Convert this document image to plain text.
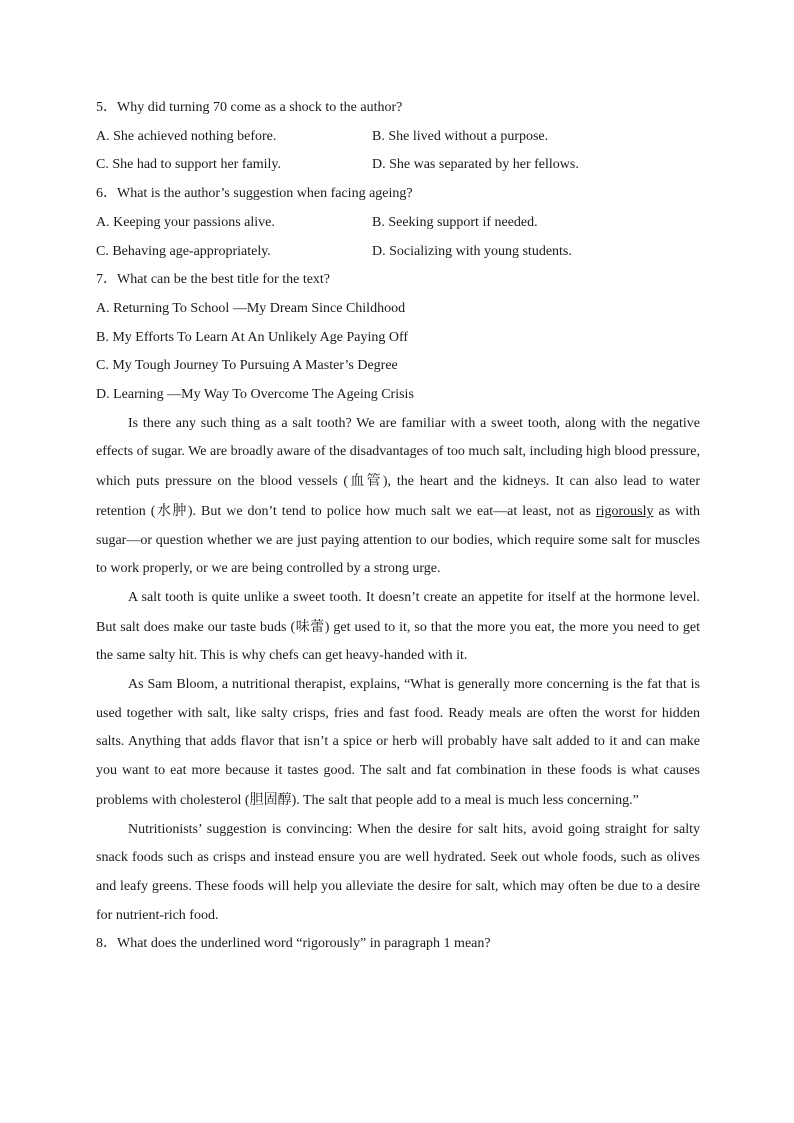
5．Why did turning 70 come as a shock to the author?
A. She achieved nothing before.	B. She lived without a purpose.
C. She had to support her family.	D. She was separated by her fellows.
6．What is the author’s suggestion when facing ageing?
A. Keeping your passions alive.	B. Seeking support if needed.
C. Behaving age-appropriately.	D. Socializing with young students.
7．What can be the best title for the text?
A. Returning To School —My Dream Since Childhood
B. My Efforts To Learn At An Unlikely Age Paying Off
C. My Tough Journey To Pursuing A Master’s Degree
D. Learning —My Way To Overcome The Ageing Crisis

Is there any such thing as a salt tooth? We are familiar with a sweet tooth, along with the negative effects of sugar. We are broadly aware of the disadvantages of too much salt, including high blood pressure, which puts pressure on the blood vessels (血管), the heart and the kidneys. It can also lead to water retention (水肿). But we don’t tend to police how much salt we eat—at least, not as rigorously as with sugar—or question whether we are just paying attention to our bodies, which require some salt for muscles to work properly, or we are being controlled by a strong urge.

A salt tooth is quite unlike a sweet tooth. It doesn’t create an appetite for itself at the hormone level. But salt does make our taste buds (味蕾) get used to it, so that the more you eat, the more you need to get the same salty hit. This is why chefs can get heavy-handed with it.

As Sam Bloom, a nutritional therapist, explains, “What is generally more concerning is the fat that is used together with salt, like salty crisps, fries and fast food. Ready meals are often the worst for hidden salts. Anything that adds flavor that isn’t a spice or herb will probably have salt added to it and can make you want to eat more because it tastes good. The salt and fat combination in these foods is what causes problems with cholesterol (胆固醇). The salt that people add to a meal is much less concerning.”

Nutritionists’ suggestion is convincing: When the desire for salt hits, avoid going straight for salty snack foods such as crisps and instead ensure you are well hydrated. Seek out whole foods, such as olives and leafy greens. These foods will help you alleviate the desire for salt, which may often be due to a desire for nutrient-rich food.

8．What does the underlined word “rigorously” in paragraph 1 mean?
